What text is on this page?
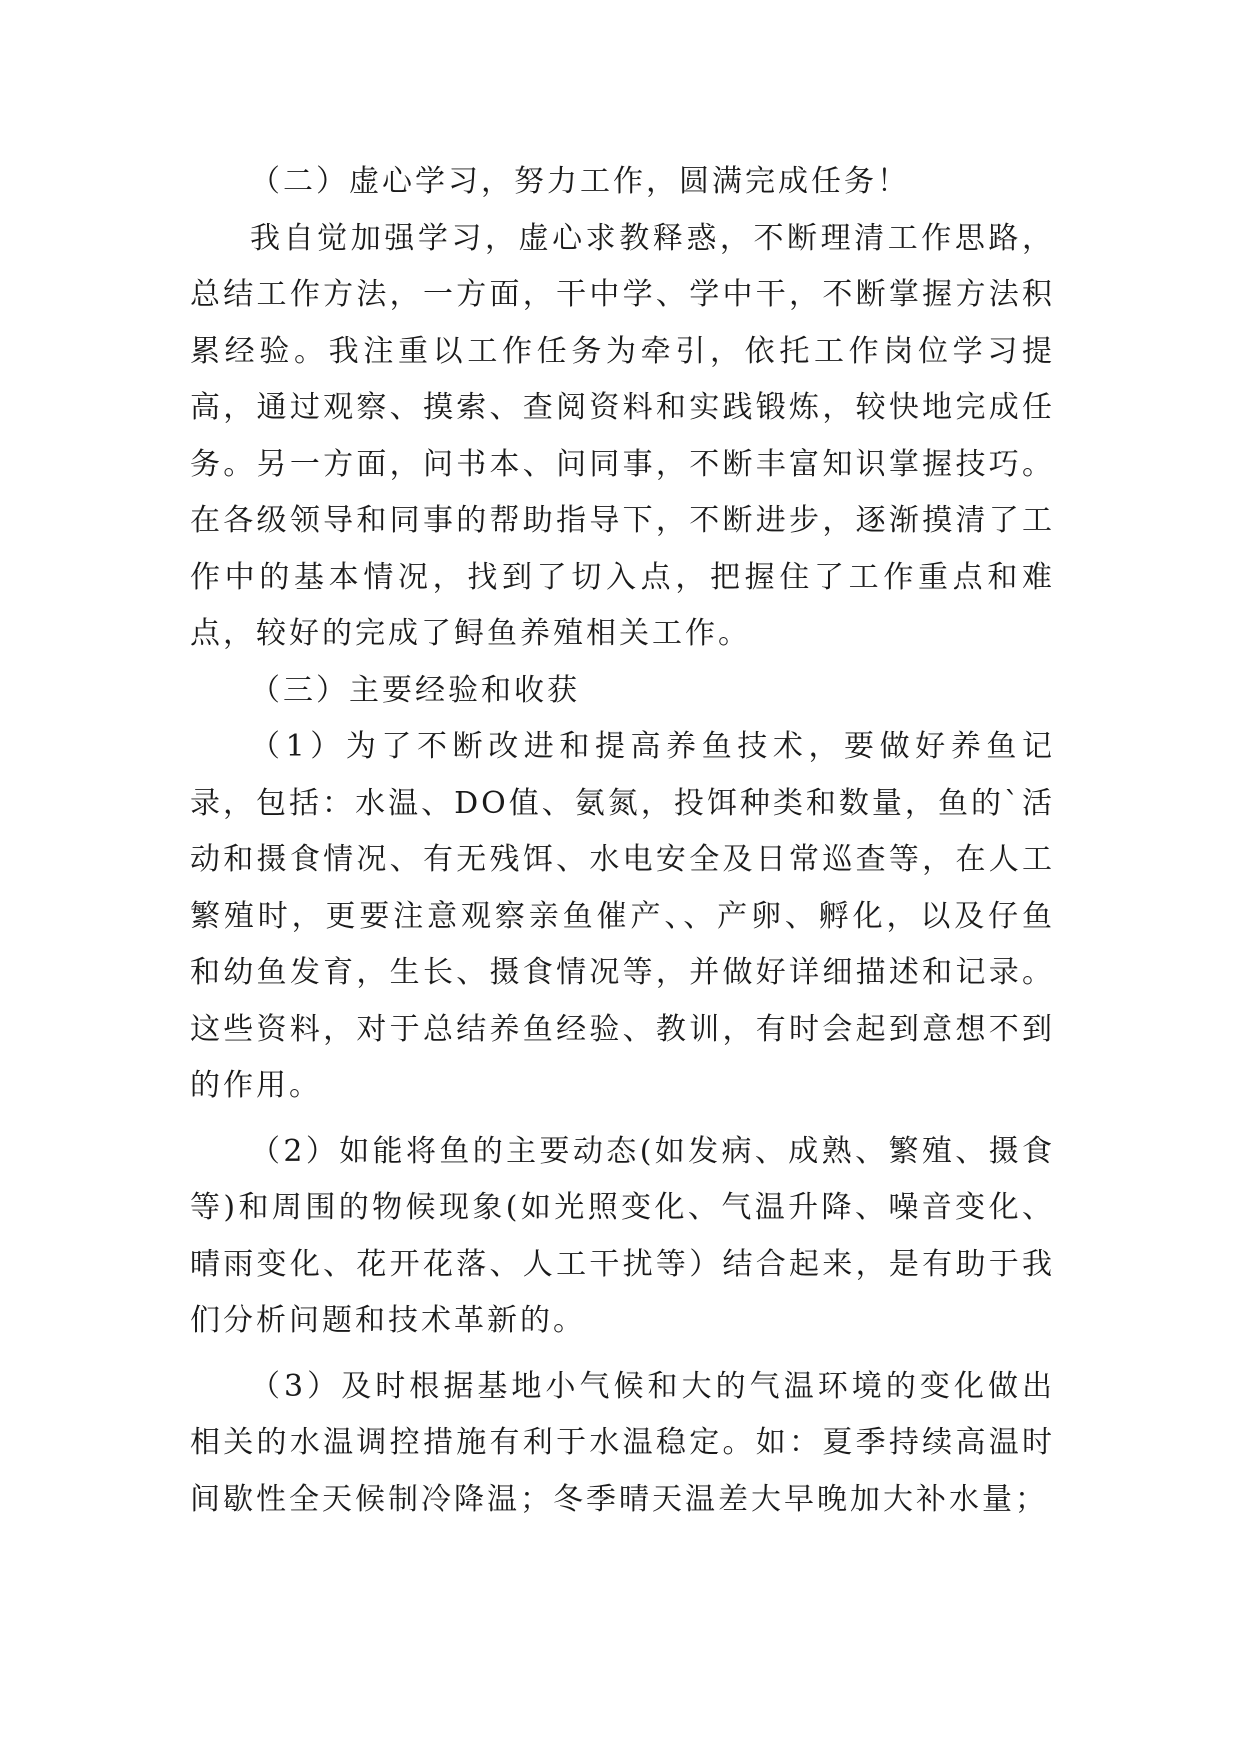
（二）虚心学习，努力工作，圆满完成任务！

我自觉加强学习，虚心求教释惑，不断理清工作思路，总结工作方法，一方面，干中学、学中干，不断掌握方法积累经验。我注重以工作任务为牵引，依托工作岗位学习提高，通过观察、摸索、查阅资料和实践锻炼，较快地完成任务。另一方面，问书本、问同事，不断丰富知识掌握技巧。在各级领导和同事的帮助指导下，不断进步，逐渐摸清了工作中的基本情况，找到了切入点，把握住了工作重点和难点，较好的完成了鲟鱼养殖相关工作。

（三）主要经验和收获

（1）为了不断改进和提高养鱼技术，要做好养鱼记录，包括：水温、DO值、氨氮，投饵种类和数量，鱼的`活动和摄食情况、有无残饵、水电安全及日常巡查等，在人工繁殖时，更要注意观察亲鱼催产、、产卵、孵化，以及仔鱼和幼鱼发育，生长、摄食情况等，并做好详细描述和记录。这些资料，对于总结养鱼经验、教训，有时会起到意想不到的作用。

（2）如能将鱼的主要动态(如发病、成熟、繁殖、摄食等)和周围的物候现象(如光照变化、气温升降、噪音变化、晴雨变化、花开花落、人工干扰等）结合起来，是有助于我们分析问题和技术革新的。

（3）及时根据基地小气候和大的气温环境的变化做出相关的水温调控措施有利于水温稳定。如：夏季持续高温时间歇性全天候制冷降温；冬季晴天温差大早晚加大补水量；
